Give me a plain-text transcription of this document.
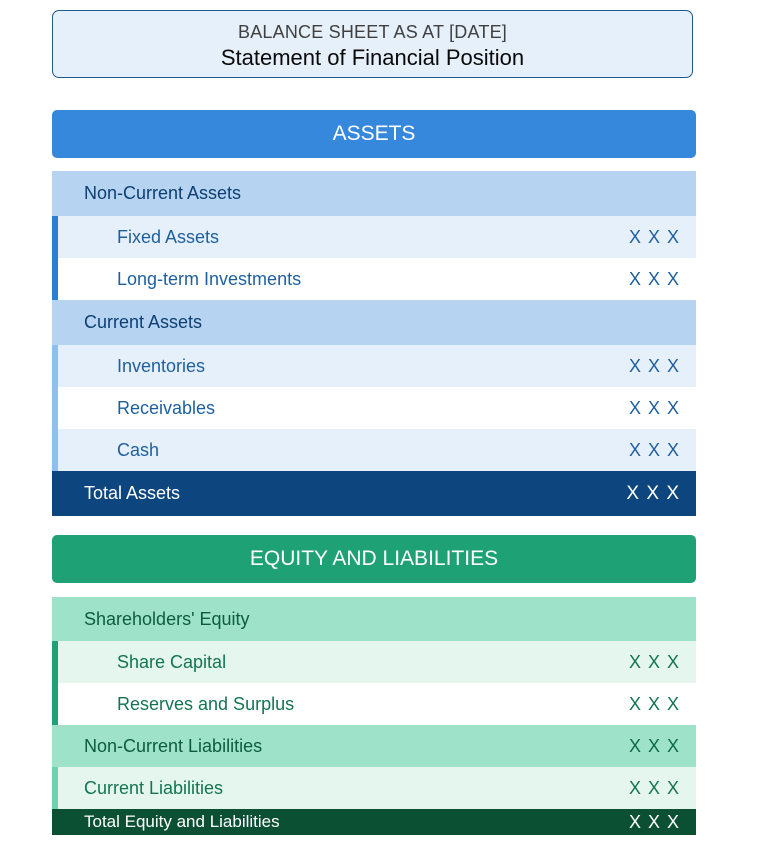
BALANCE SHEET AS AT [DATE]
Statement of Financial Position
ASSETS
Non-Current Assets
Fixed Assets	X X X
Long-term Investments	X X X
Current Assets
Inventories	X X X
Receivables	X X X
Cash	X X X
Total Assets	X X X
EQUITY AND LIABILITIES
Shareholders' Equity
Share Capital	X X X
Reserves and Surplus	X X X
Non-Current Liabilities	X X X
Current Liabilities	X X X
Total Equity and Liabilities	X X X
